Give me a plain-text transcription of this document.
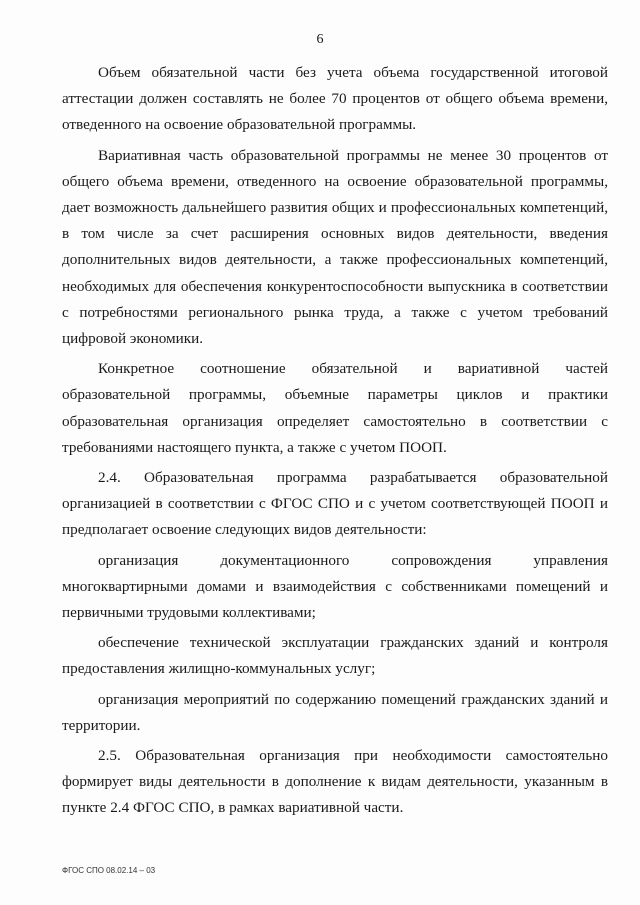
6

Объем обязательной части без учета объема государственной итоговой аттестации должен составлять не более 70 процентов от общего объема времени, отведенного на освоение образовательной программы.

Вариативная часть образовательной программы не менее 30 процентов от общего объема времени, отведенного на освоение образовательной программы, дает возможность дальнейшего развития общих и профессиональных компетенций, в том числе за счет расширения основных видов деятельности, введения дополнительных видов деятельности, а также профессиональных компетенций, необходимых для обеспечения конкурентоспособности выпускника в соответствии с потребностями регионального рынка труда, а также с учетом требований цифровой экономики.

Конкретное соотношение обязательной и вариативной частей образовательной программы, объемные параметры циклов и практики образовательная организация определяет самостоятельно в соответствии с требованиями настоящего пункта, а также с учетом ПООП.

2.4. Образовательная программа разрабатывается образовательной организацией в соответствии с ФГОС СПО и с учетом соответствующей ПООП и предполагает освоение следующих видов деятельности:

организация документационного сопровождения управления многоквартирными домами и взаимодействия с собственниками помещений и первичными трудовыми коллективами;

обеспечение технической эксплуатации гражданских зданий и контроля предоставления жилищно-коммунальных услуг;

организация мероприятий по содержанию помещений гражданских зданий и территории.

2.5. Образовательная организация при необходимости самостоятельно формирует виды деятельности в дополнение к видам деятельности, указанным в пункте 2.4 ФГОС СПО, в рамках вариативной части.

ФГОС СПО 08.02.14 – 03
